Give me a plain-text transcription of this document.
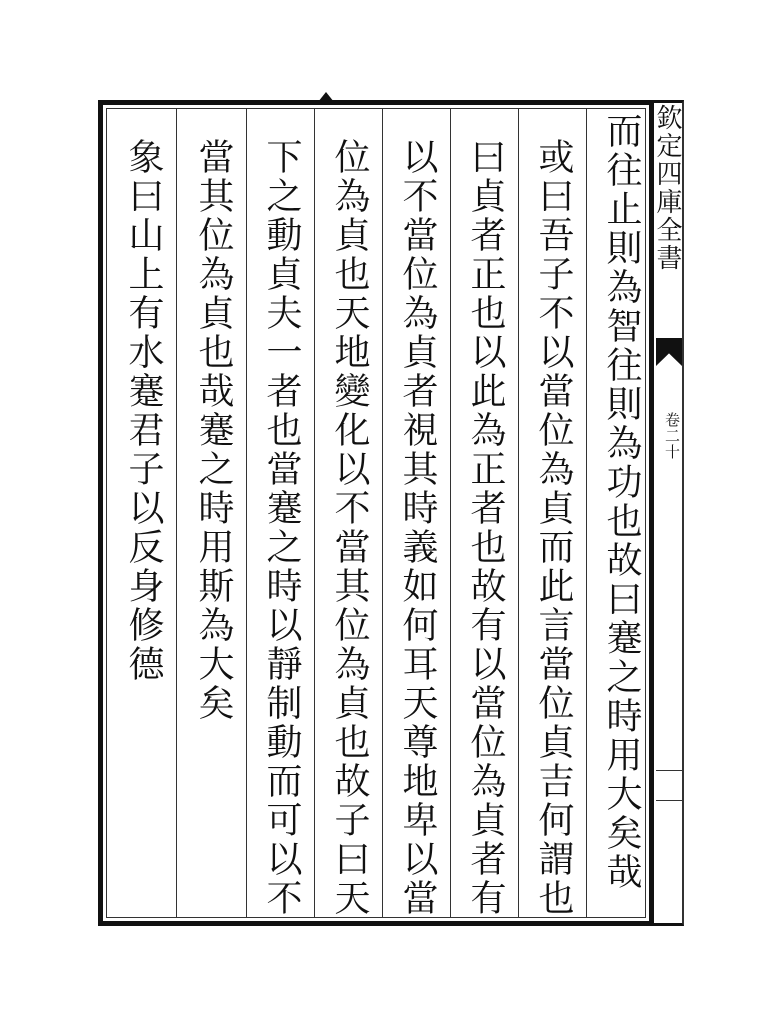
而往止則為智往則為功也故曰蹇之時用大矣哉
或曰吾子不以當位為貞而此言當位貞吉何謂也
曰貞者正也以此為正者也故有以當位為貞者有
以不當位為貞者視其時義如何耳天尊地卑以當
位為貞也天地變化以不當其位為貞也故子曰天
下之動貞夫一者也當蹇之時以靜制動而可以不
當其位為貞也哉蹇之時用斯為大矣
象曰山上有水蹇君子以反身修德	欽定四庫全書
卷二十
